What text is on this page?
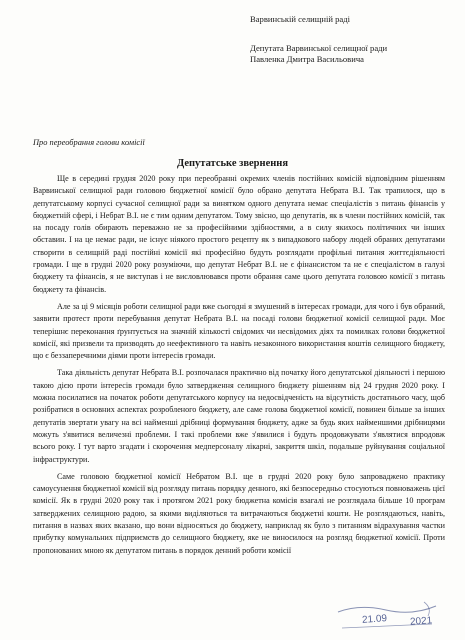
Варвинській селищній раді
Депутата Варвинської селищної ради
Павленка Дмитра Васильовича
Про переобрання голови комісії
Депутатське звернення

Ще в середині грудня 2020 року при переобранні окремих членів постійних комісій відповідним рішенням Варвинської селищної ради головою бюджетної комісії було обрано депутата Небрата В.І. Так трапилося, що в депутатському корпусі сучасної селищної ради за винятком одного депутата немає спеціалістів з питань фінансів у бюджетній сфері, і Небрат В.І. не є тим одним депутатом. Тому звісно, що депутатів, як в члени постійних комісій, так на посаду голів обирають переважно не за професійними здібностями, а в силу якихось політичних чи інших обставин. І на це немає ради, не існує ніякого простого рецепту як з випадкового набору людей обраних депутатами створити в селищній раді постійні комісії які професійно будуть розглядати профільні питання життєдіяльності громади. І ще в грудні 2020 року розуміючи, що депутат Небрат В.І. не є фінансистом та не є спеціалістом в галузі бюджету та фінансів, я не виступав і не висловлювався проти обрання саме цього депутата головою комісії з питань бюджету та фінансів.

Але за ці 9 місяців роботи селищної ради вже сьогодні я змушений в інтересах громади, для чого і був обраний, заявити протест проти перебування депутат Небрата В.І. на посаді голови бюджетної комісії селищної ради. Моє теперішнє переконання ґрунтується на значній кількості свідомих чи несвідомих діях та помилках голови бюджетної комісії, які призвели та призводять до неефективного та навіть незаконного використання коштів селищного бюджету, що є беззаперечними діями проти інтересів громади.

Така діяльність депутат Небрата В.І. розпочалася практично від початку його депутатської діяльності і першою такою дією проти інтересів громади було затвердження селищного бюджету рішенням від 24 грудня 2020 року. І можна посилатися на початок роботи депутатського корпусу на недосвідченість на відсутність достатнього часу, щоб розібратися в основних аспектах розробленого бюджету, але саме голова бюджетної комісії, повинен більше за інших депутатів звертати увагу на всі найменші дрібниці формування бюджету, адже за будь яких найменшими дрібницями можуть з'явитися величезні проблеми. І такі проблеми вже з'явилися і будуть продовжувати з'являтися впродовж всього року. І тут варто згадати і скорочення медперсоналу лікарні, закриття шкіл, подальше руйнування соціальної інфраструктури.

Саме головою бюджетної комісії Небратом В.І. ще в грудні 2020 року було запроваджено практику самоусунення бюджетної комісії від розгляду питань порядку денного, які безпосередньо стосуються повноважень цієї комісії. Як в грудні 2020 року так і протягом 2021 року бюджетна комісія взагалі не розглядала більше 10 програм затверджених селищною радою, за якими виділяються та витрачаються бюджетні кошти. Не розглядаються, навіть, питання в назвах яких вказано, що вони відносяться до бюджету, наприклад як було з питанням відрахування частки прибутку комунальних підприємств до селищного бюджету, яке не виносилося на розгляд бюджетної комісії. Проти пропонованих мною як депутатом питань в порядок денний роботи комісії

21.09 2021
